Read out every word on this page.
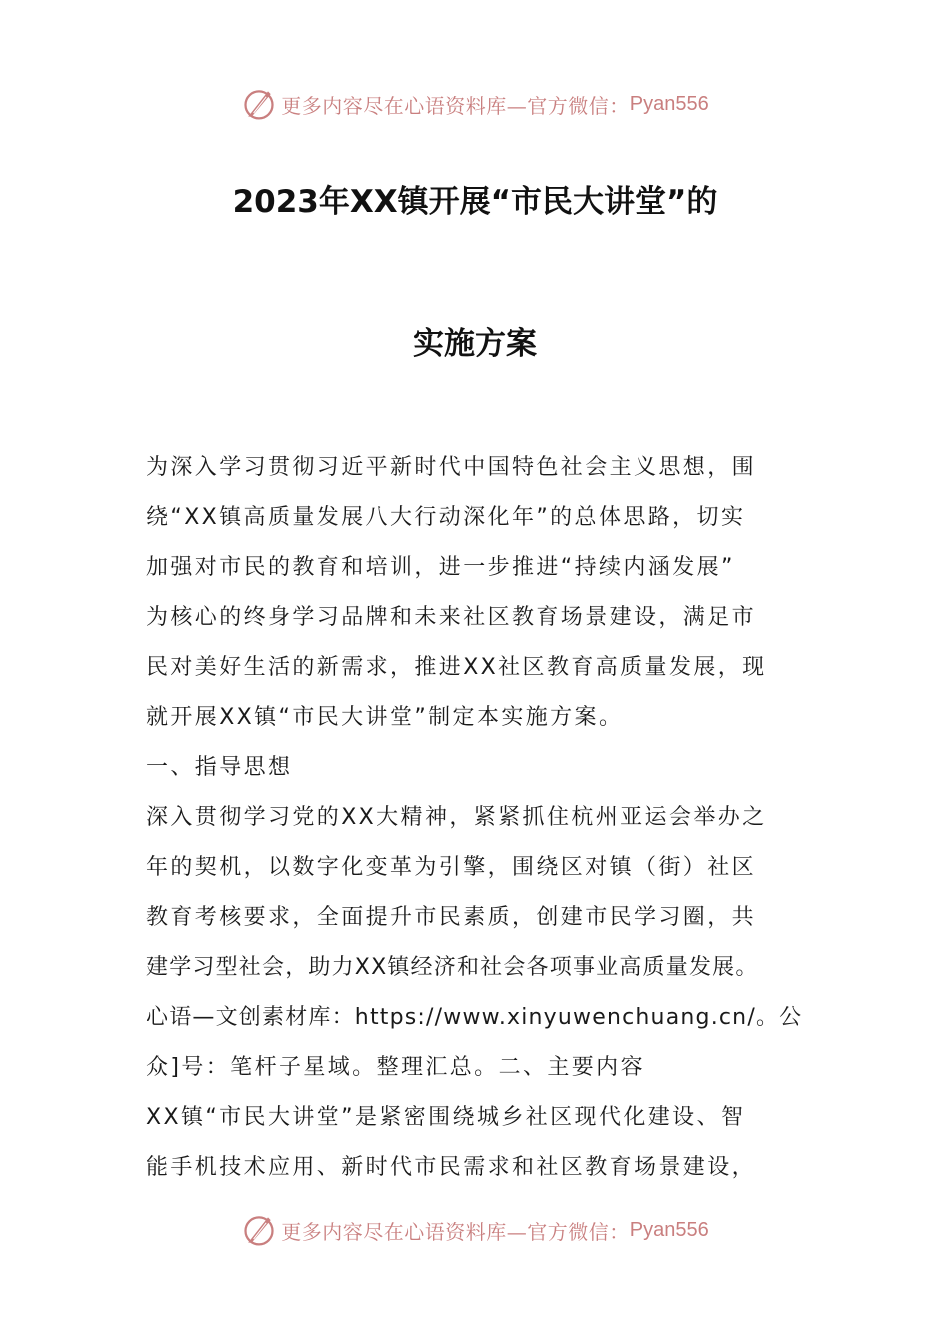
更多内容尽在心语资料库—官方微信： Pyan556
2023年XX镇开展“市民大讲堂”的
实施方案
为深入学习贯彻习近平新时代中国特色社会主义思想，围
绕“XX镇高质量发展八大行动深化年”的总体思路，切实
加强对市民的教育和培训，进一步推进“持续内涵发展”
为核心的终身学习品牌和未来社区教育场景建设，满足市
民对美好生活的新需求，推进XX社区教育高质量发展，现
就开展XX镇“市民大讲堂”制定本实施方案。
一、指导思想
深入贯彻学习党的XX大精神，紧紧抓住杭州亚运会举办之
年的契机，以数字化变革为引擎，围绕区对镇（街）社区
教育考核要求，全面提升市民素质，创建市民学习圈，共
建学习型社会，助力XX镇经济和社会各项事业高质量发展。
心语—文创素材库：https://www.xinyuwenchuang.cn/。公
众]号：笔杆子星域。整理汇总。二、主要内容
XX镇“市民大讲堂”是紧密围绕城乡社区现代化建设、智
能手机技术应用、新时代市民需求和社区教育场景建设，
更多内容尽在心语资料库—官方微信： Pyan556
